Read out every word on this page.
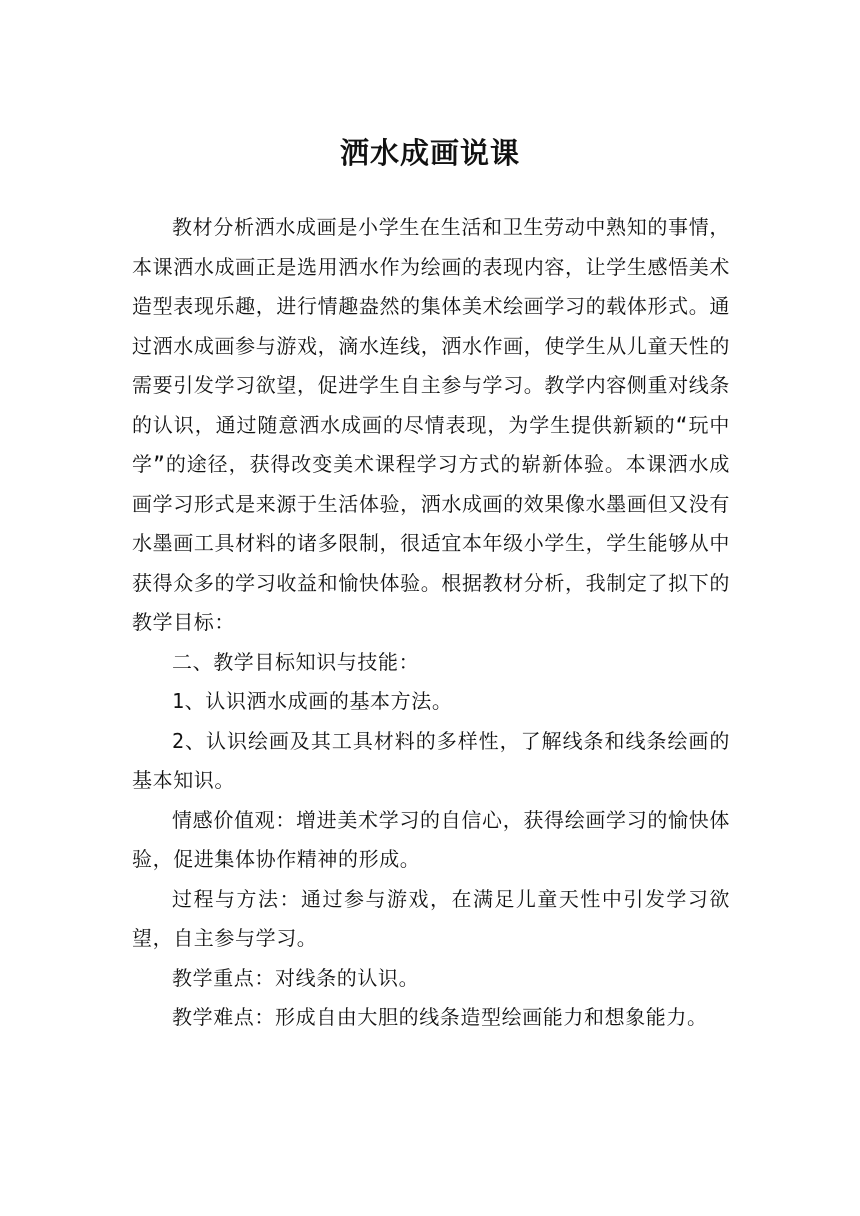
洒水成画说课

教材分析洒水成画是小学生在生活和卫生劳动中熟知的事情，本课洒水成画正是选用洒水作为绘画的表现内容，让学生感悟美术造型表现乐趣，进行情趣盎然的集体美术绘画学习的载体形式。通过洒水成画参与游戏，滴水连线，洒水作画，使学生从儿童天性的需要引发学习欲望，促进学生自主参与学习。教学内容侧重对线条的认识，通过随意洒水成画的尽情表现，为学生提供新颖的“玩中学”的途径，获得改变美术课程学习方式的崭新体验。本课洒水成画学习形式是来源于生活体验，洒水成画的效果像水墨画但又没有水墨画工具材料的诸多限制，很适宜本年级小学生，学生能够从中获得众多的学习收益和愉快体验。根据教材分析，我制定了拟下的教学目标：

二、教学目标知识与技能：

1、认识洒水成画的基本方法。

2、认识绘画及其工具材料的多样性，了解线条和线条绘画的基本知识。

情感价值观：增进美术学习的自信心，获得绘画学习的愉快体验，促进集体协作精神的形成。

过程与方法：通过参与游戏，在满足儿童天性中引发学习欲望，自主参与学习。

教学重点：对线条的认识。

教学难点：形成自由大胆的线条造型绘画能力和想象能力。
